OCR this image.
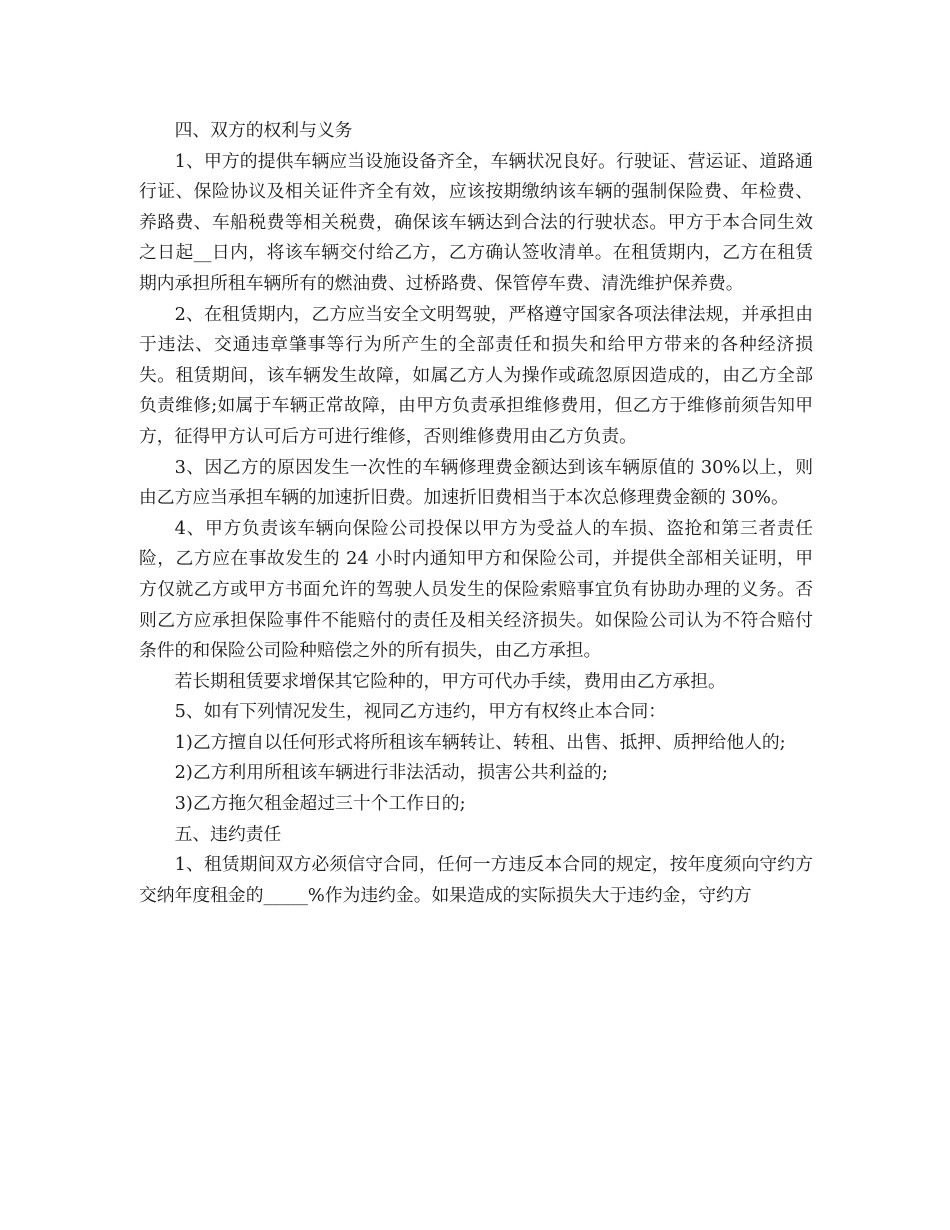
四、双方的权利与义务

1、甲方的提供车辆应当设施设备齐全，车辆状况良好。行驶证、营运证、道路通行证、保险协议及相关证件齐全有效，应该按期缴纳该车辆的强制保险费、年检费、养路费、车船税费等相关税费，确保该车辆达到合法的行驶状态。甲方于本合同生效之日起__日内，将该车辆交付给乙方，乙方确认签收清单。在租赁期内，乙方在租赁期内承担所租车辆所有的燃油费、过桥路费、保管停车费、清洗维护保养费。

2、在租赁期内，乙方应当安全文明驾驶，严格遵守国家各项法律法规，并承担由于违法、交通违章肇事等行为所产生的全部责任和损失和给甲方带来的各种经济损失。租赁期间，该车辆发生故障，如属乙方人为操作或疏忽原因造成的，由乙方全部负责维修;如属于车辆正常故障，由甲方负责承担维修费用，但乙方于维修前须告知甲方，征得甲方认可后方可进行维修，否则维修费用由乙方负责。

3、因乙方的原因发生一次性的车辆修理费金额达到该车辆原值的 30%以上，则由乙方应当承担车辆的加速折旧费。加速折旧费相当于本次总修理费金额的 30%。

4、甲方负责该车辆向保险公司投保以甲方为受益人的车损、盗抢和第三者责任险，乙方应在事故发生的 24 小时内通知甲方和保险公司，并提供全部相关证明，甲方仅就乙方或甲方书面允许的驾驶人员发生的保险索赔事宜负有协助办理的义务。否则乙方应承担保险事件不能赔付的责任及相关经济损失。如保险公司认为不符合赔付条件的和保险公司险种赔偿之外的所有损失，由乙方承担。

若长期租赁要求增保其它险种的，甲方可代办手续，费用由乙方承担。

5、如有下列情况发生，视同乙方违约，甲方有权终止本合同：

1)乙方擅自以任何形式将所租该车辆转让、转租、出售、抵押、质押给他人的;

2)乙方利用所租该车辆进行非法活动，损害公共利益的;

3)乙方拖欠租金超过三十个工作日的;

五、违约责任

1、租赁期间双方必须信守合同，任何一方违反本合同的规定，按年度须向守约方交纳年度租金的_____%作为违约金。如果造成的实际损失大于违约金，守约方
